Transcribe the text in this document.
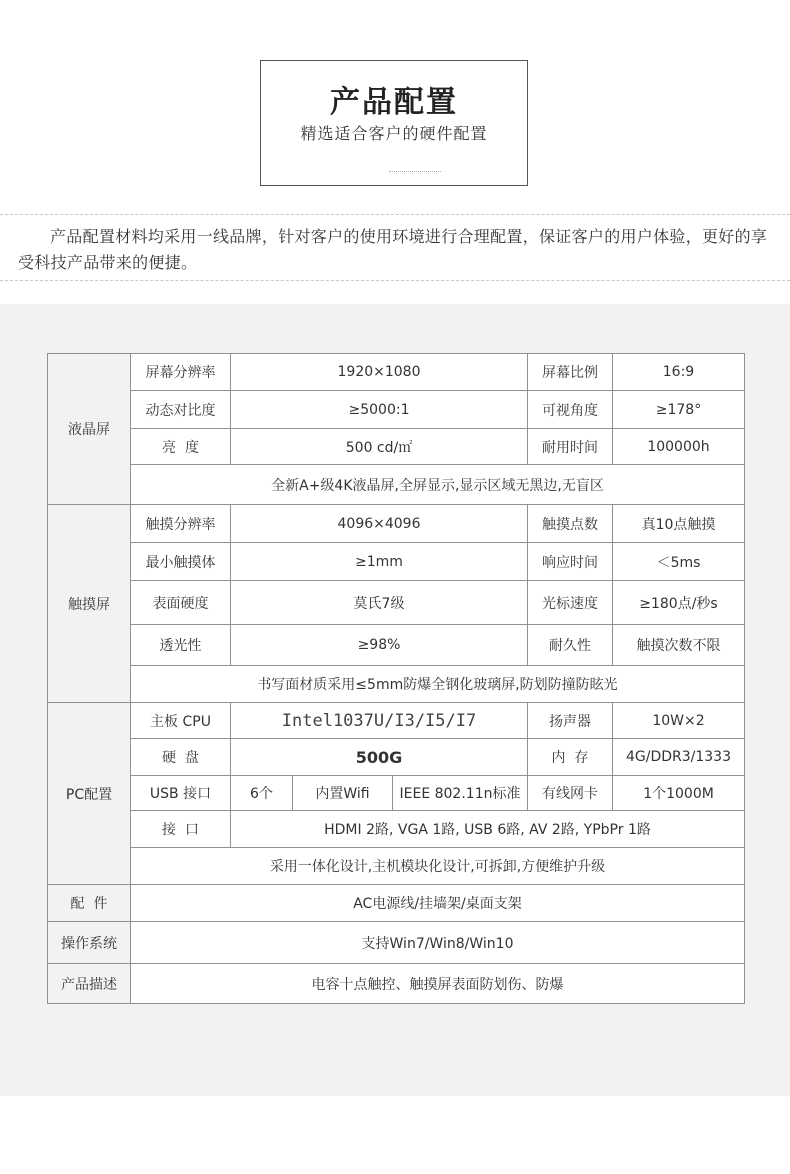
产品配置
精选适合客户的硬件配置
产品配置材料均采用一线品牌，针对客户的使用环境进行合理配置，保证客户的用户体验，更好的享受科技产品带来的便捷。
液晶屏	屏幕分辨率	1920×1080			屏幕比例	16:9
	动态对比度	≥5000:1			可视角度	≥178°
	亮  度	500 cd/㎡			耐用时间	100000h
	全新A+级4K液晶屏,全屏显示,显示区域无黑边,无盲区					
触摸屏	触摸分辨率	4096×4096			触摸点数	真10点触摸
	最小触摸体	≥1mm			响应时间	＜5ms
	表面硬度	莫氏7级			光标速度	≥180点/秒s
	透光性	≥98%			耐久性	触摸次数不限
	书写面材质采用≤5mm防爆全钢化玻璃屏,防划防撞防眩光					
PC配置	主板 CPU	Intel1037U/I3/I5/I7			扬声器	10W×2
	硬  盘	500G			内  存	4G/DDR3/1333
	USB 接口	6个	内置Wifi	IEEE 802.11n标准	有线网卡	1个1000M
	接  口	HDMI 2路, VGA 1路, USB 6路, AV 2路, YPbPr 1路				
	采用一体化设计,主机模块化设计,可拆卸,方便维护升级					
配  件	AC电源线/挂墙架/桌面支架					
操作系统	支持Win7/Win8/Win10					
产品描述	电容十点触控、触摸屏表面防划伤、防爆					
